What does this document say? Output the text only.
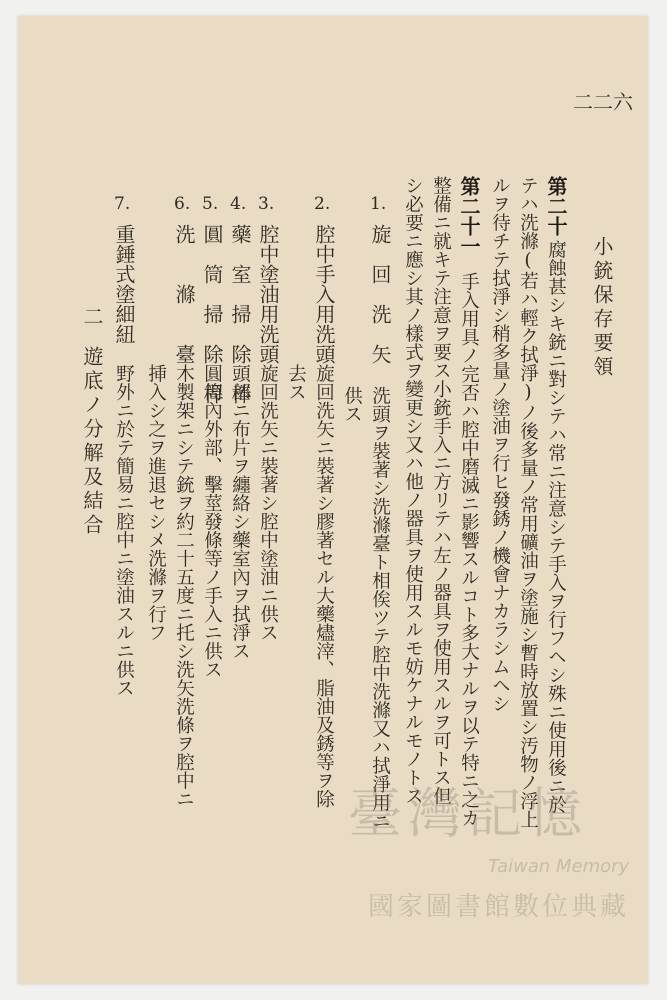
二二六
小銃保存要領
第二十
腐蝕甚シキ銃ニ對シテハ常ニ注意シテ手入ヲ行フヘシ殊ニ使用後ニ於
テハ洗滌(若ハ輕ク拭淨)ノ後多量ノ常用礦油ヲ塗施シ暫時放置シ汚物ノ浮上
ルヲ待チテ拭淨シ稍多量ノ塗油ヲ行ヒ發銹ノ機會ナカラシムヘシ
第二十一
手入用具ノ完否ハ腔中磨滅ニ影響スルコト多大ナルヲ以テ特ニ之カ
整備ニ就キテ注意ヲ要ス小銃手入ニ方リテハ左ノ器具ヲ使用スルヲ可トス但
シ必要ニ應シ其ノ樣式ヲ變更シ又ハ他ノ器具ヲ使用スルモ妨ケナルモノトス
1.
旋　回　洗　矢
洗頭ヲ裝著シ洗滌臺ト相俟ツテ腔中洗滌又ハ拭淨用ニ
供ス
2.
腔中手入用洗頭
旋回洗矢ニ裝著シ膠著セル大藥燼滓、脂油及銹等ヲ除
去ス
3.
腔中塗油用洗頭
旋回洗矢ニ裝著シ腔中塗油ニ供ス
4.
藥　室　掃　除　棒
頭部ニ布片ヲ纏絡シ藥室內ヲ拭淨ス
5.
圓　筒　掃　除　桿
圓筒內外部、擊莖發條等ノ手入ニ供ス
6.
洗　　滌　　臺
木製架ニシテ銃ヲ約二十五度ニ托シ洗矢洗條ヲ腔中ニ
挿入シ之ヲ進退セシメ洗滌ヲ行フ
7.
重錘式塗細紐
野外ニ於テ簡易ニ腔中ニ塗油スルニ供ス
二
遊底ノ分解及結合
臺灣記憶
Taiwan Memory
國家圖書館數位典藏
